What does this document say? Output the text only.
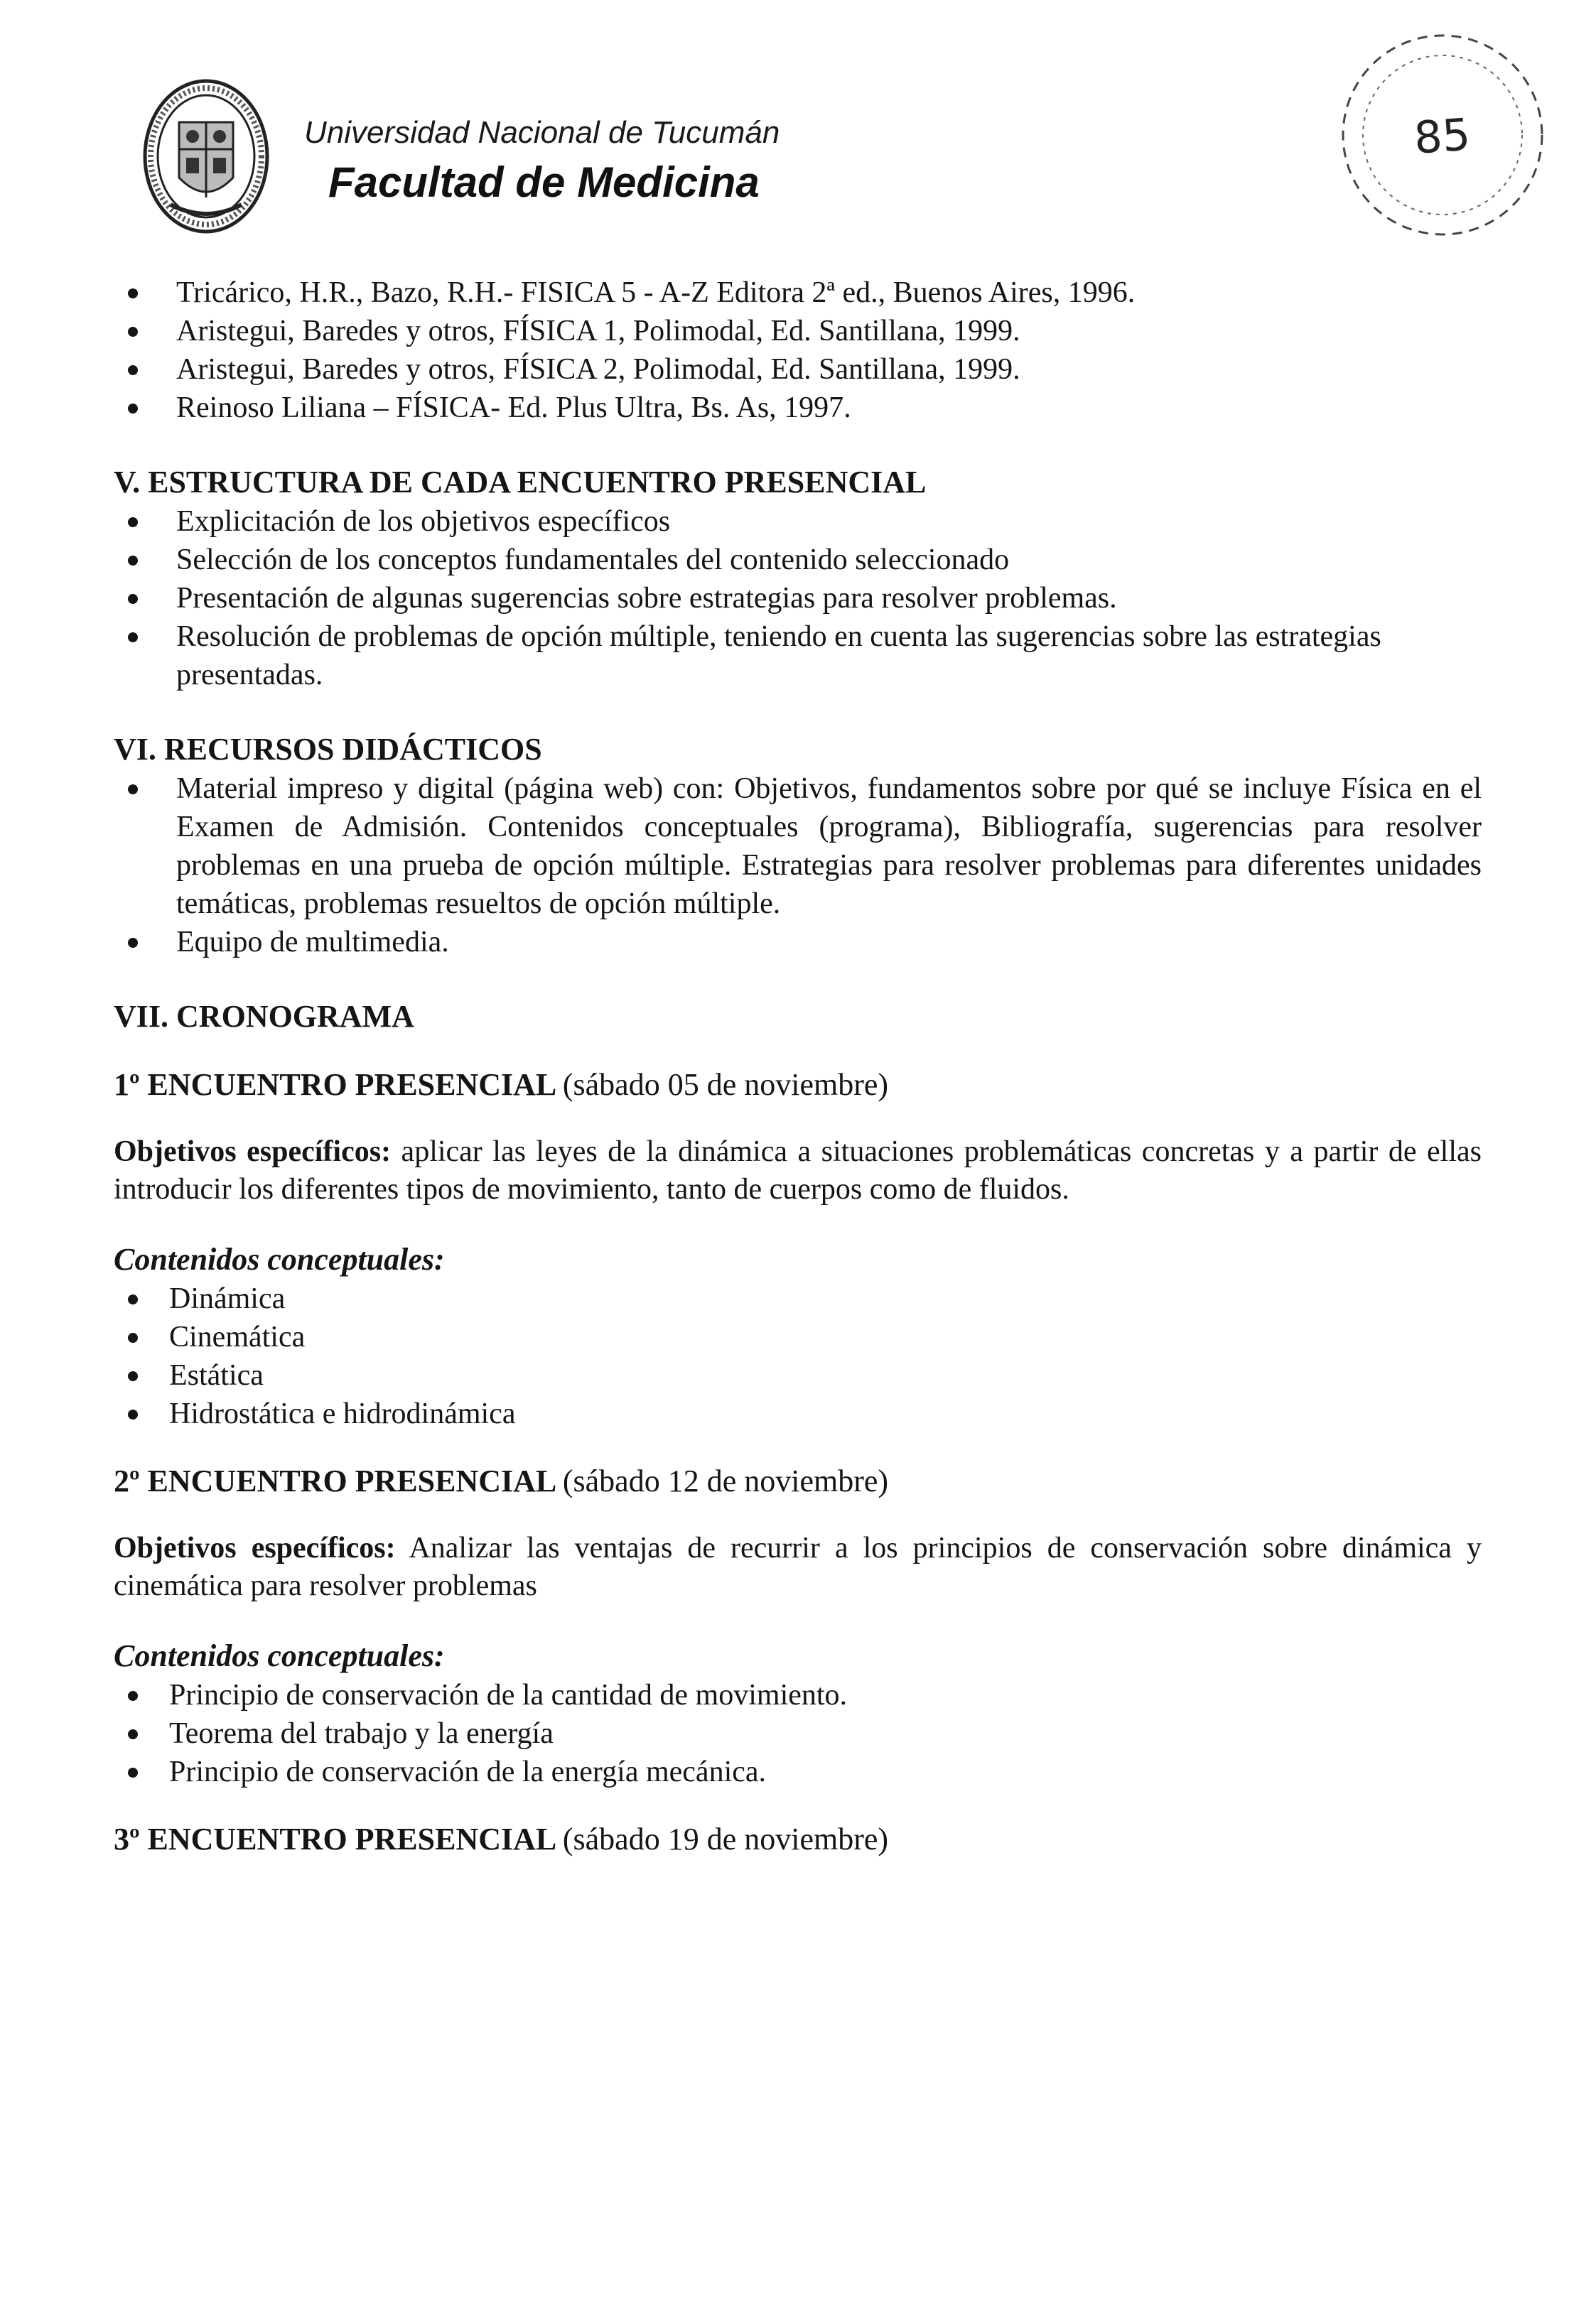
Universidad Nacional de Tucumán
Facultad de Medicina
85
Tricárico, H.R., Bazo, R.H.- FISICA 5 - A-Z Editora 2ª ed., Buenos Aires, 1996.
Aristegui, Baredes y otros, FÍSICA 1, Polimodal, Ed. Santillana, 1999.
Aristegui, Baredes y otros, FÍSICA 2, Polimodal, Ed. Santillana, 1999.
Reinoso Liliana – FÍSICA- Ed. Plus Ultra, Bs. As, 1997.
V. ESTRUCTURA DE CADA ENCUENTRO PRESENCIAL
Explicitación de los objetivos específicos
Selección de los conceptos fundamentales del contenido seleccionado
Presentación de algunas sugerencias sobre estrategias para resolver problemas.
Resolución de problemas de opción múltiple, teniendo en cuenta las sugerencias sobre las estrategias presentadas.
VI. RECURSOS DIDÁCTICOS
Material impreso y digital (página web) con: Objetivos, fundamentos sobre por qué se incluye Física en el Examen de Admisión. Contenidos conceptuales (programa), Bibliografía, sugerencias para resolver problemas en una prueba de opción múltiple. Estrategias para resolver problemas para diferentes unidades temáticas, problemas resueltos de opción múltiple.
Equipo de multimedia.
VII. CRONOGRAMA
1º ENCUENTRO PRESENCIAL (sábado 05 de noviembre)
Objetivos específicos: aplicar las leyes de la dinámica a situaciones problemáticas concretas y a partir de ellas introducir los diferentes tipos de movimiento, tanto de cuerpos como de fluidos.
Contenidos conceptuales:
Dinámica
Cinemática
Estática
Hidrostática e hidrodinámica
2º ENCUENTRO PRESENCIAL (sábado 12 de noviembre)
Objetivos específicos: Analizar las ventajas de recurrir a los principios de conservación sobre dinámica y cinemática para resolver problemas
Contenidos conceptuales:
Principio de conservación de la cantidad de movimiento.
Teorema del trabajo y la energía
Principio de conservación de la energía mecánica.
3º ENCUENTRO PRESENCIAL (sábado 19 de noviembre)
